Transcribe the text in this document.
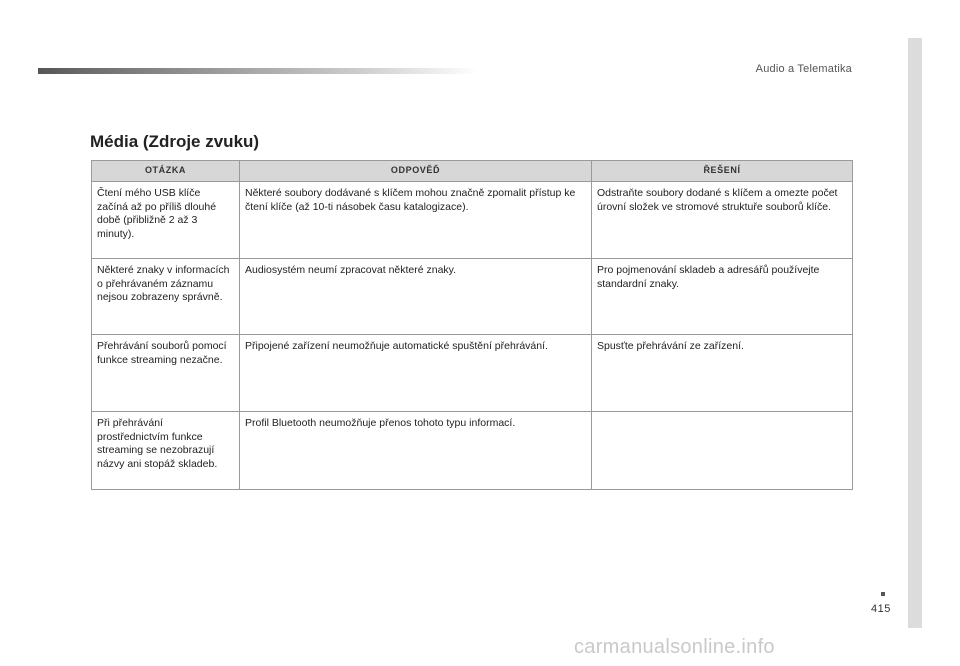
Audio a Telematika
Média (Zdroje zvuku)
OTÁZKA	ODPOVĚĎ	ŘEŠENÍ
Čtení mého USB klíče začíná až po příliš dlouhé době (přibližně 2 až 3 minuty).	Některé soubory dodávané s klíčem mohou značně zpomalit přístup ke čtení klíče (až 10-ti násobek času katalogizace).	Odstraňte soubory dodané s klíčem a omezte počet úrovní složek ve stromové struktuře souborů klíče.
Některé znaky v informacích o přehrávaném záznamu nejsou zobrazeny správně.	Audiosystém neumí zpracovat některé znaky.	Pro pojmenování skladeb a adresářů používejte standardní znaky.
Přehrávání souborů pomocí funkce streaming nezačne.	Připojené zařízení neumožňuje automatické spuštění přehrávání.	Spusťte přehrávání ze zařízení.
Při přehrávání prostřednictvím funkce streaming se nezobrazují názvy ani stopáž skladeb.	Profil Bluetooth neumožňuje přenos tohoto typu informací.	
415
carmanualsonline.info
